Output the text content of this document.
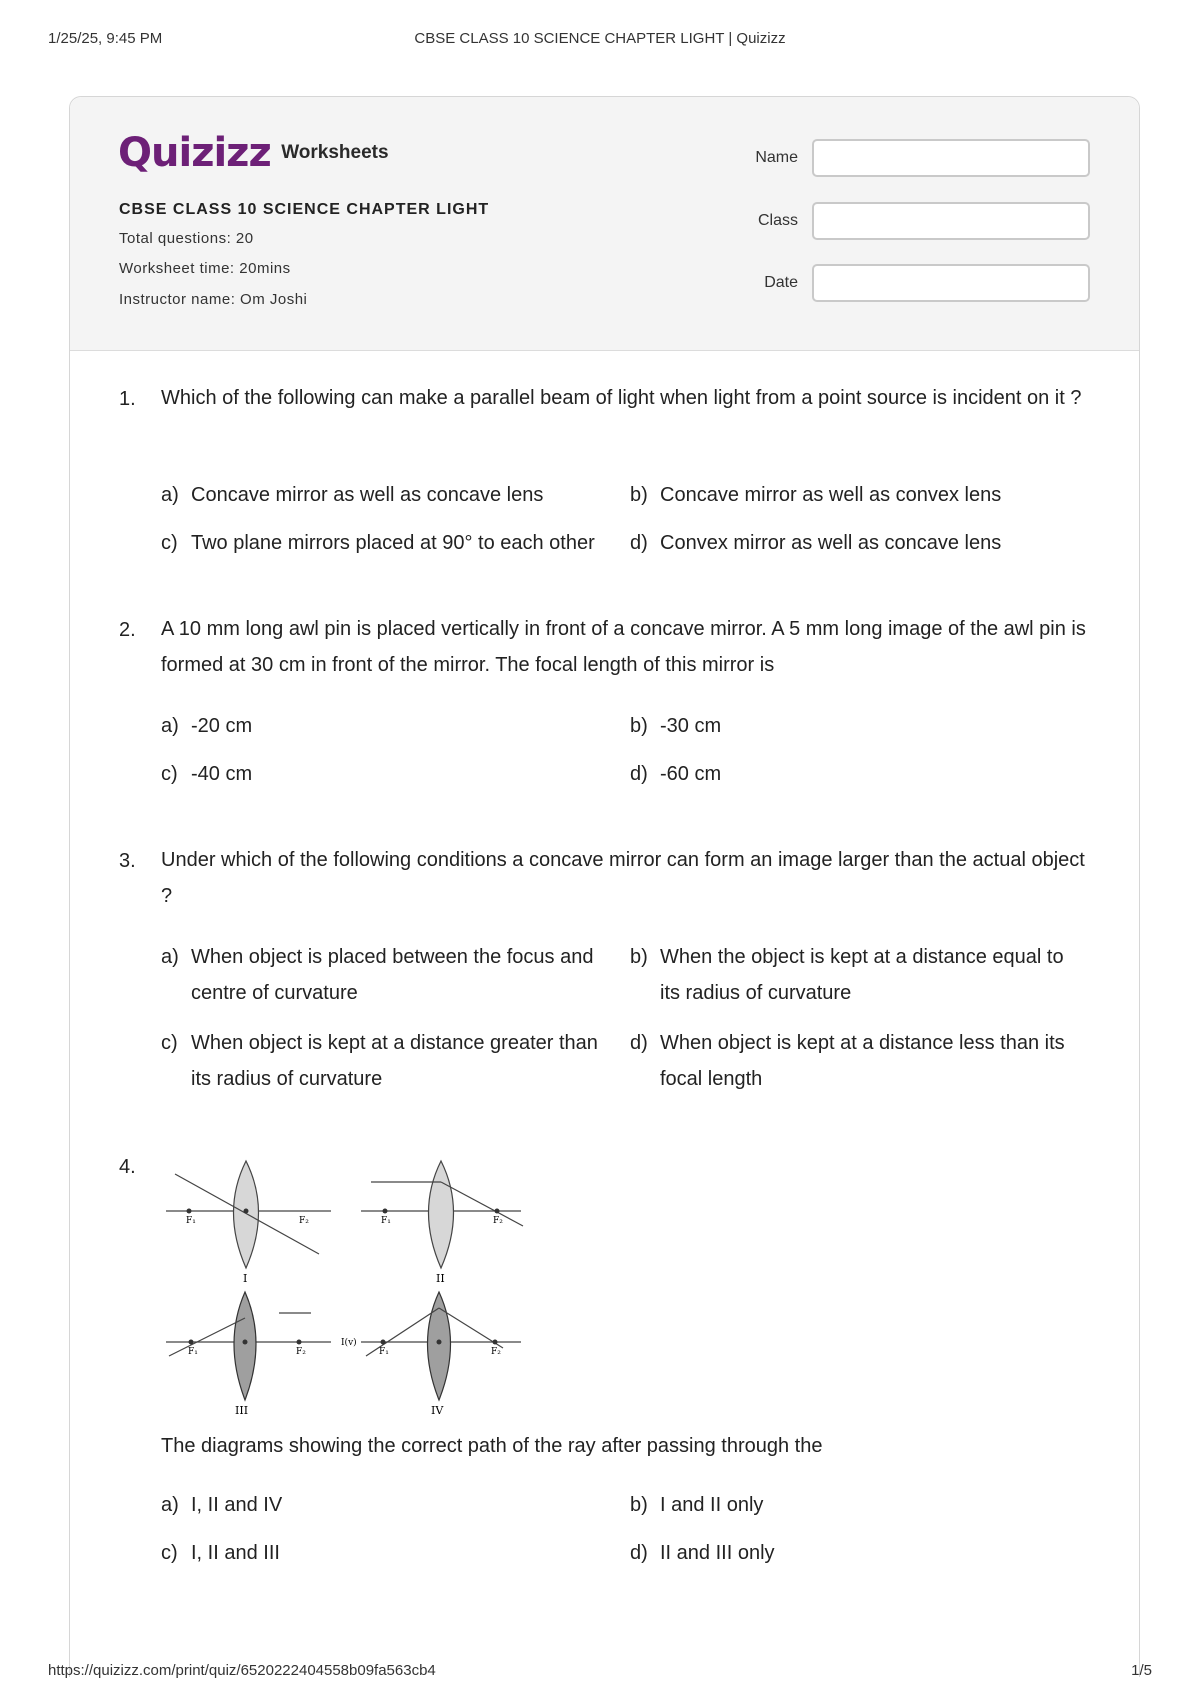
1/25/25, 9:45 PM	CBSE CLASS 10 SCIENCE CHAPTER LIGHT | Quizizz
Quizizz Worksheets
CBSE CLASS 10 SCIENCE CHAPTER LIGHT
Total questions: 20
Worksheet time: 20mins
Instructor name: Om Joshi
Name
Class
Date
1. Which of the following can make a parallel beam of light when light from a point source is incident on it ?
a) Concave mirror as well as concave lens	b) Concave mirror as well as convex lens
c) Two plane mirrors placed at 90° to each other	d) Convex mirror as well as concave lens
2. A 10 mm long awl pin is placed vertically in front of a concave mirror. A 5 mm long image of the awl pin is formed at 30 cm in front of the mirror. The focal length of this mirror is
a) -20 cm	b) -30 cm
c) -40 cm	d) -60 cm
3. Under which of the following conditions a concave mirror can form an image larger than the actual object ?
a) When object is placed between the focus and centre of curvature
b) When the object is kept at a distance equal to its radius of curvature
c) When object is kept at a distance greater than its radius of curvature
d) When object is kept at a distance less than its focal length
4.
F₁	F₂
I
F₁	F₂
II
F₁	F₂
III
I(v)
F₁	F₂
IV
The diagrams showing the correct path of the ray after passing through the
a) I, II and IV	b) I and II only
c) I, II and III	d) II and III only
https://quizizz.com/print/quiz/6520222404558b09fa563cb4	1/5
